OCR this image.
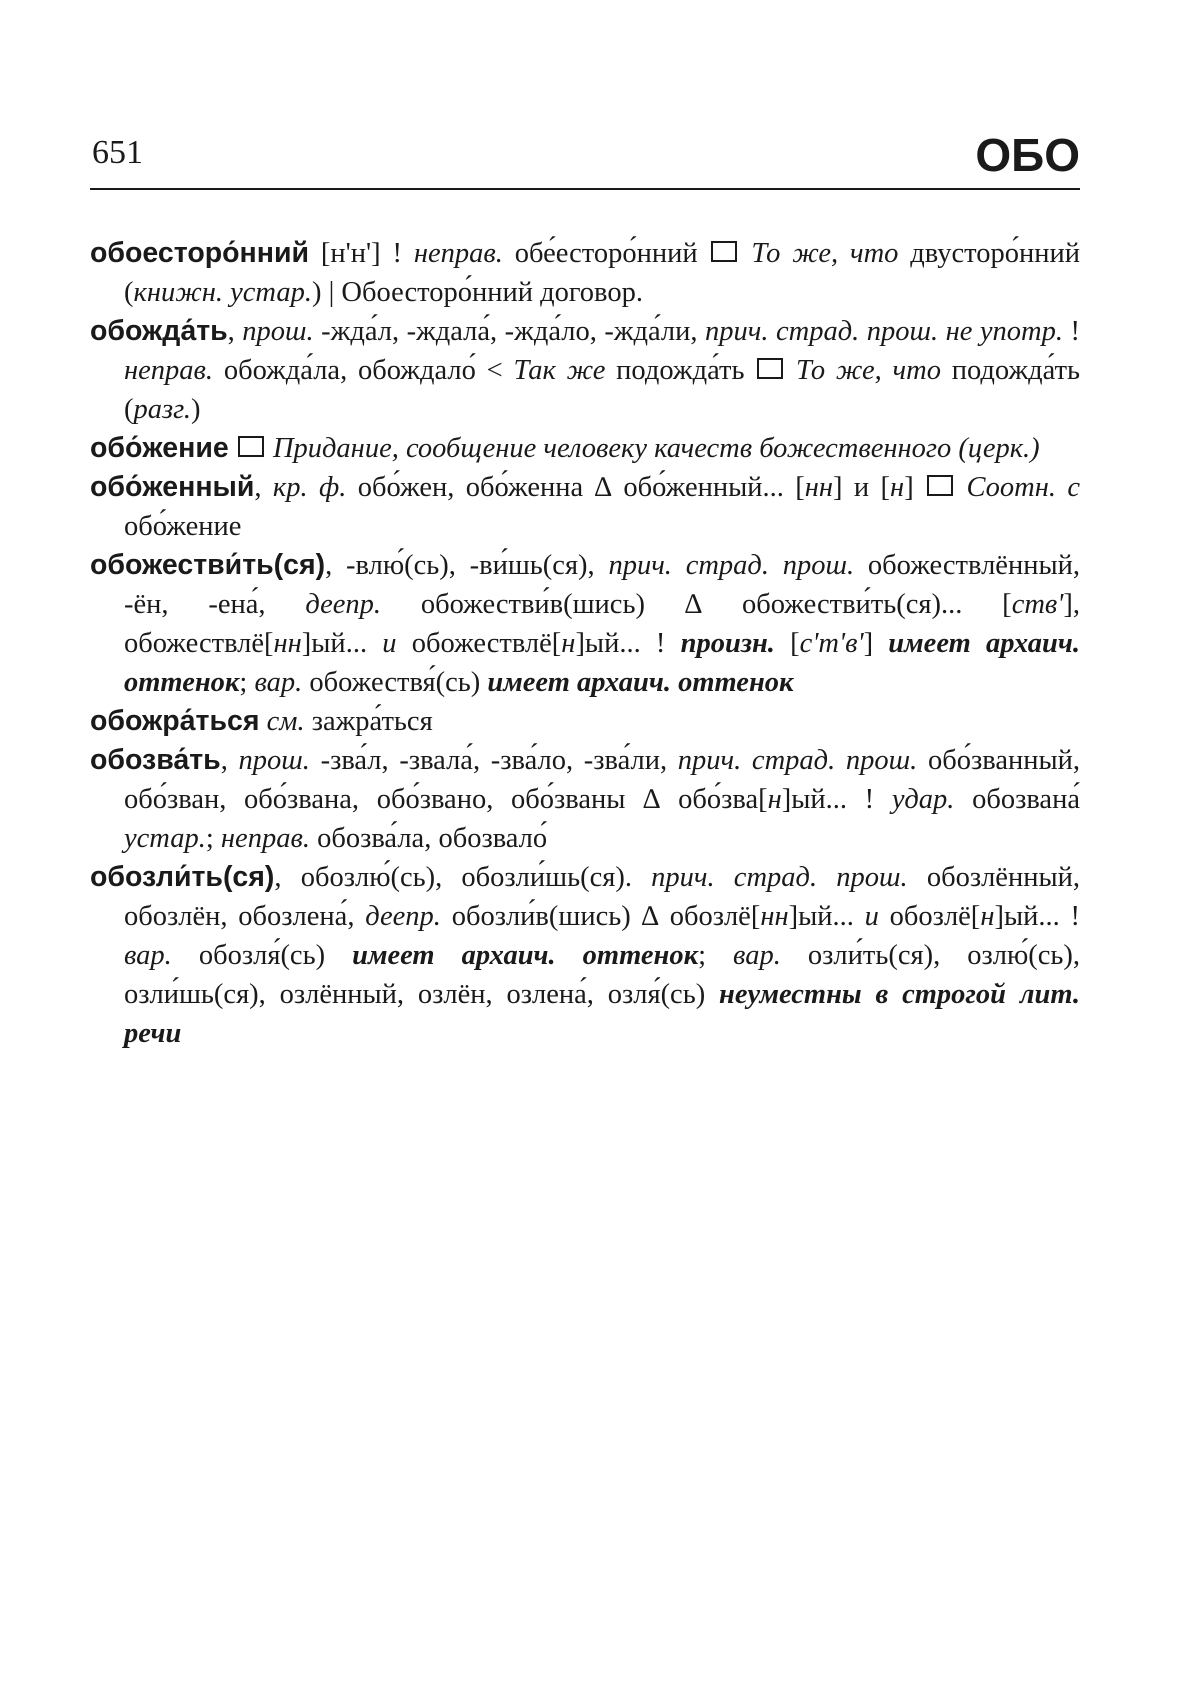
651	ОБО

обоесторо́нний [н'н'] ! неправ. обе́есторо́нний  То же, что двусторо́нний (книжн. устар.) | Обоесторо́нний договор.

обожда́ть, прош. -жда́л, -ждала́, -жда́ло, -жда́ли, прич. страд. прош. не употр. ! неправ. обожда́ла, обождало́ < Так же подожда́ть  То же, что подожда́ть (разг.)

обо́жение Придание, сообщение человеку качеств божественного (церк.)

обо́женный, кр. ф. обо́жен, обо́женна ∆ обо́женный... [нн] и [н]  Соотн. с обо́жение

обожестви́ть(ся), -влю́(сь), -ви́шь(ся), прич. страд. прош. обожествлённый, -ён, -ена́, деепр. обожестви́в(шись) ∆ обожестви́ть(ся)... [ств'], обожествлё[нн]ый... и обожествлё[н]ый... ! произн. [с'т'в'] имеет архаич. оттенок; вар. обожествя́(сь) имеет архаич. оттенок

обожра́ться см. зажра́ться

обозва́ть, прош. -зва́л, -звала́, -зва́ло, -зва́ли, прич. страд. прош. обо́званный, обо́зван, обо́звана, обо́звано, обо́званы ∆ обо́зва[н]ый... ! удар. обозвана́ устар.; неправ. обозва́ла, обозвало́

обозли́ть(ся), обозлю́(сь), обозли́шь(ся). прич. страд. прош. обозлённый, обозлён, обозлена́, деепр. обозли́в(шись) ∆ обозлё[нн]ый... и обозлё[н]ый... ! вар. обозля́(сь) имеет архаич. оттенок; вар. озли́ть(ся), озлю́(сь), озли́шь(ся), озлённый, озлён, озлена́, озля́(сь) неуместны в строгой лит. речи
